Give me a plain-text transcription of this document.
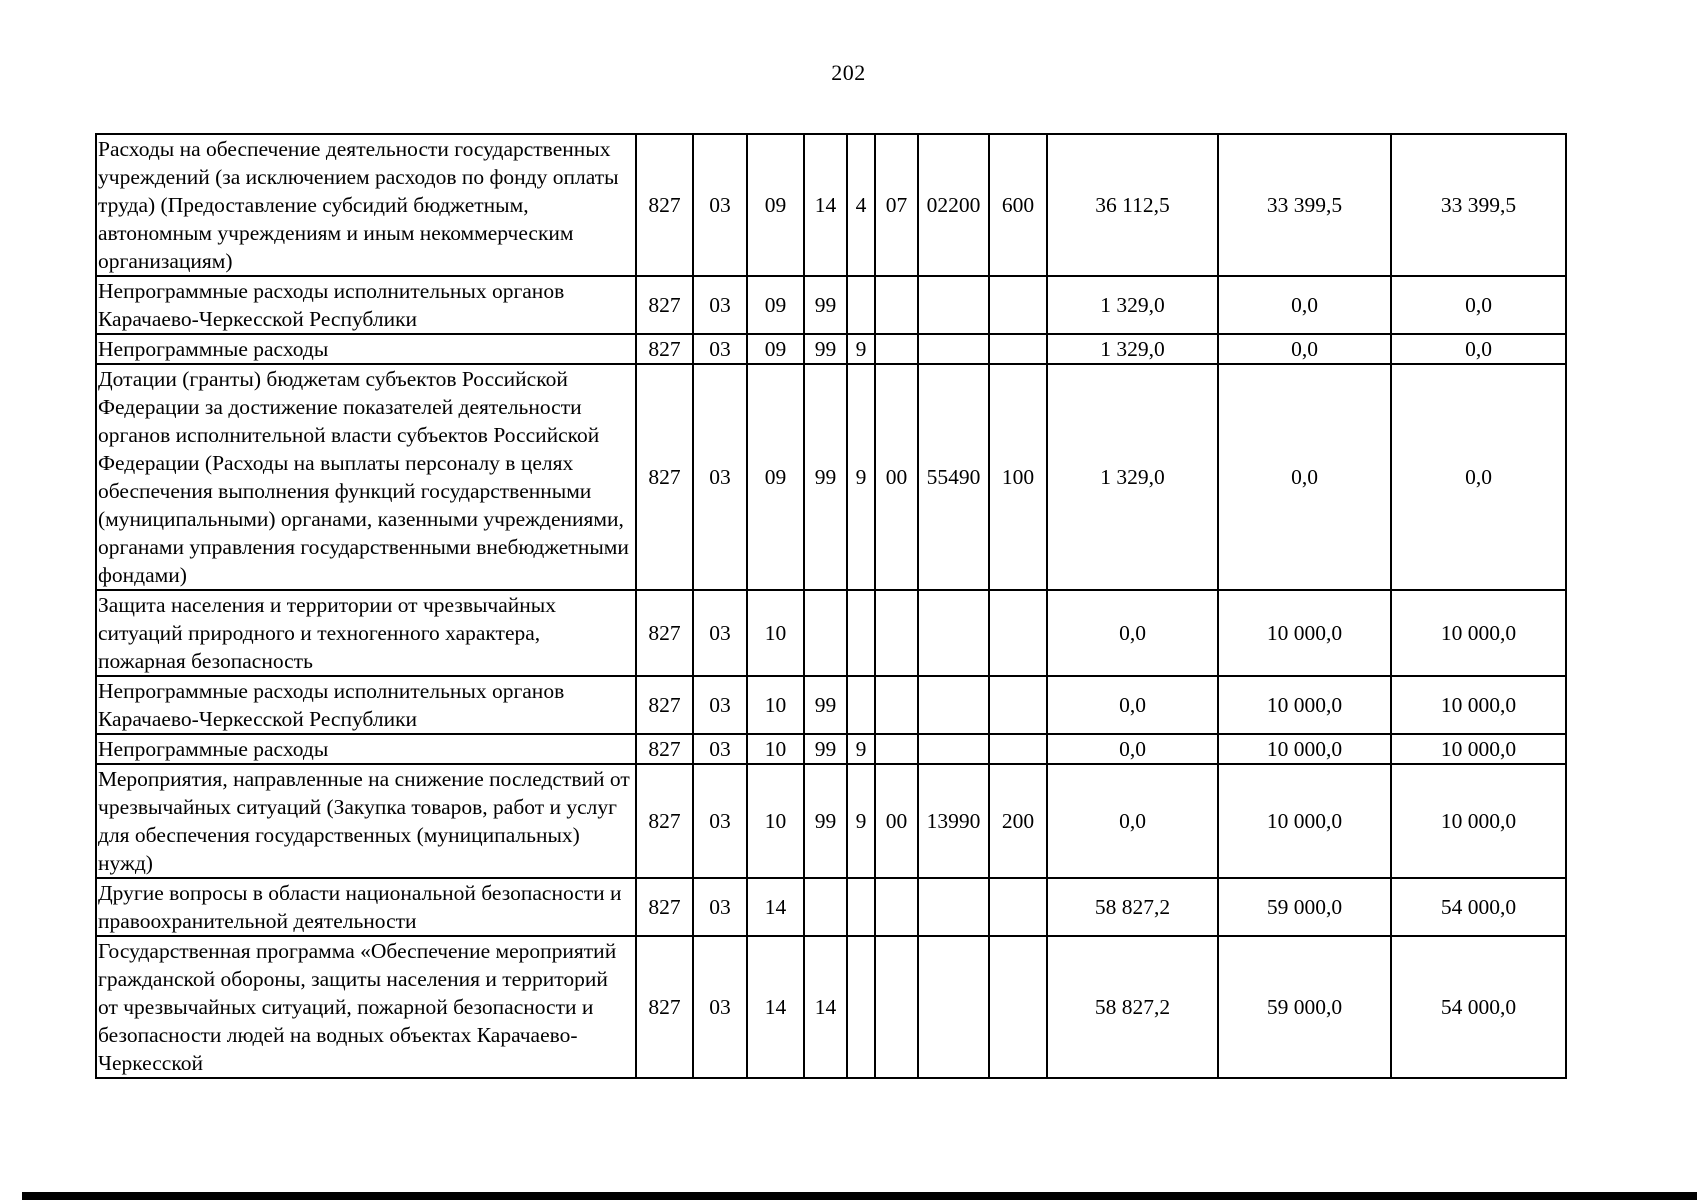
202
Расходы на обеспечение деятельности государственных учреждений (за исключением расходов по фонду оплаты труда) (Предоставление субсидий бюджетным, автономным учреждениям и иным некоммерческим организациям)	827	03	09	14	4	07	02200	600	36 112,5	33 399,5	33 399,5
Непрограммные расходы исполнительных органов Карачаево-Черкесской Республики	827	03	09	99					1 329,0	0,0	0,0
Непрограммные расходы	827	03	09	99	9				1 329,0	0,0	0,0
Дотации (гранты) бюджетам субъектов Российской Федерации за достижение показателей деятельности органов исполнительной власти субъектов Российской Федерации (Расходы на выплаты персоналу в целях обеспечения выполнения функций государственными (муниципальными) органами, казенными учреждениями, органами управления государственными внебюджетными фондами)	827	03	09	99	9	00	55490	100	1 329,0	0,0	0,0
Защита населения и территории от чрезвычайных ситуаций природного и техногенного характера, пожарная безопасность	827	03	10						0,0	10 000,0	10 000,0
Непрограммные расходы исполнительных органов Карачаево-Черкесской Республики	827	03	10	99					0,0	10 000,0	10 000,0
Непрограммные расходы	827	03	10	99	9				0,0	10 000,0	10 000,0
Мероприятия, направленные на снижение последствий от чрезвычайных ситуаций (Закупка товаров, работ и услуг для обеспечения государственных (муниципальных) нужд)	827	03	10	99	9	00	13990	200	0,0	10 000,0	10 000,0
Другие вопросы в области национальной безопасности и правоохранительной деятельности	827	03	14						58 827,2	59 000,0	54 000,0
Государственная программа «Обеспечение мероприятий гражданской обороны, защиты населения и территорий от чрезвычайных ситуаций, пожарной безопасности и безопасности людей на водных объектах Карачаево-Черкесской	827	03	14	14					58 827,2	59 000,0	54 000,0
